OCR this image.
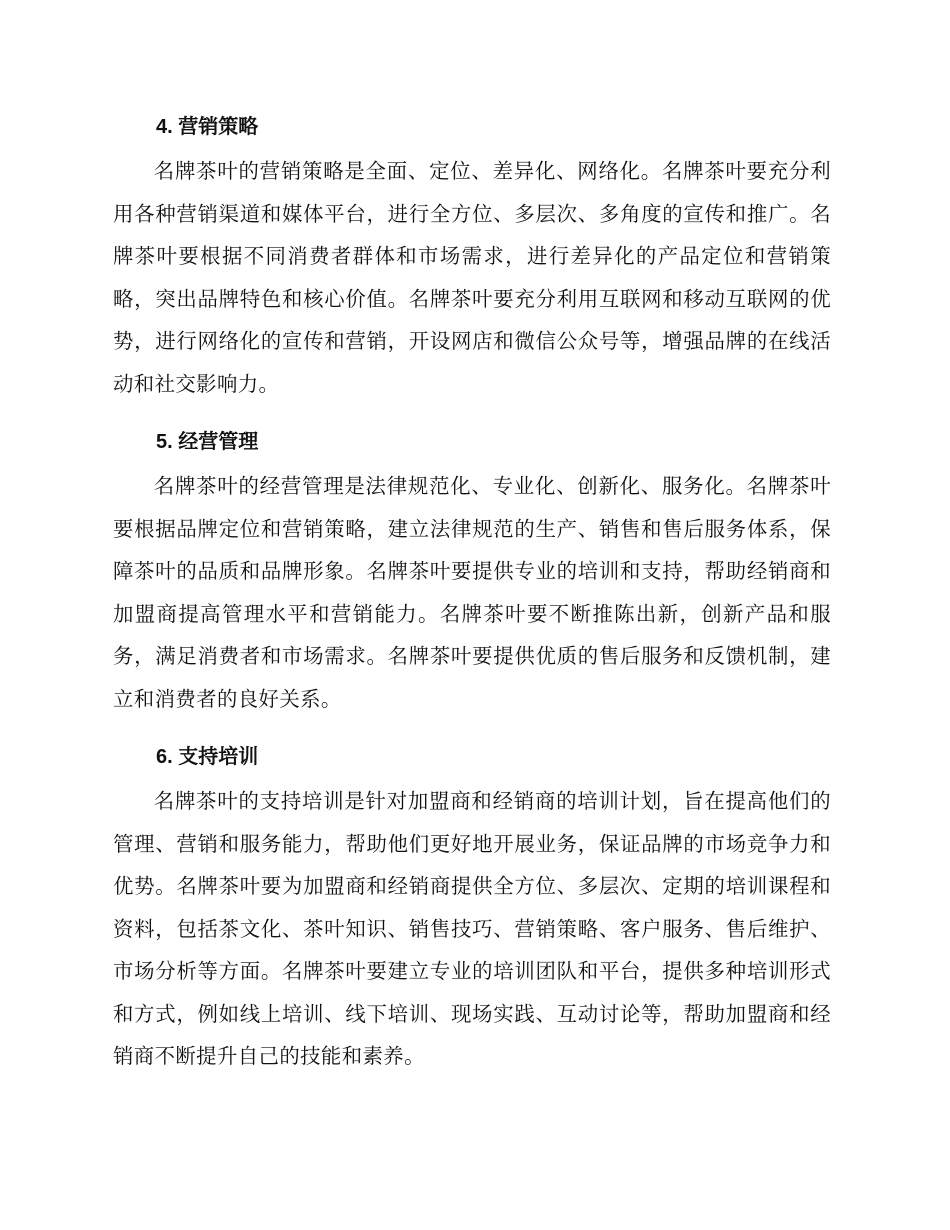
4. 营销策略

名牌茶叶的营销策略是全面、定位、差异化、网络化。名牌茶叶要充分利用各种营销渠道和媒体平台，进行全方位、多层次、多角度的宣传和推广。名牌茶叶要根据不同消费者群体和市场需求，进行差异化的产品定位和营销策略，突出品牌特色和核心价值。名牌茶叶要充分利用互联网和移动互联网的优势，进行网络化的宣传和营销，开设网店和微信公众号等，增强品牌的在线活动和社交影响力。

5. 经营管理

名牌茶叶的经营管理是法律规范化、专业化、创新化、服务化。名牌茶叶要根据品牌定位和营销策略，建立法律规范的生产、销售和售后服务体系，保障茶叶的品质和品牌形象。名牌茶叶要提供专业的培训和支持，帮助经销商和加盟商提高管理水平和营销能力。名牌茶叶要不断推陈出新，创新产品和服务，满足消费者和市场需求。名牌茶叶要提供优质的售后服务和反馈机制，建立和消费者的良好关系。

6. 支持培训

名牌茶叶的支持培训是针对加盟商和经销商的培训计划，旨在提高他们的管理、营销和服务能力，帮助他们更好地开展业务，保证品牌的市场竞争力和优势。名牌茶叶要为加盟商和经销商提供全方位、多层次、定期的培训课程和资料，包括茶文化、茶叶知识、销售技巧、营销策略、客户服务、售后维护、市场分析等方面。名牌茶叶要建立专业的培训团队和平台，提供多种培训形式和方式，例如线上培训、线下培训、现场实践、互动讨论等，帮助加盟商和经销商不断提升自己的技能和素养。
